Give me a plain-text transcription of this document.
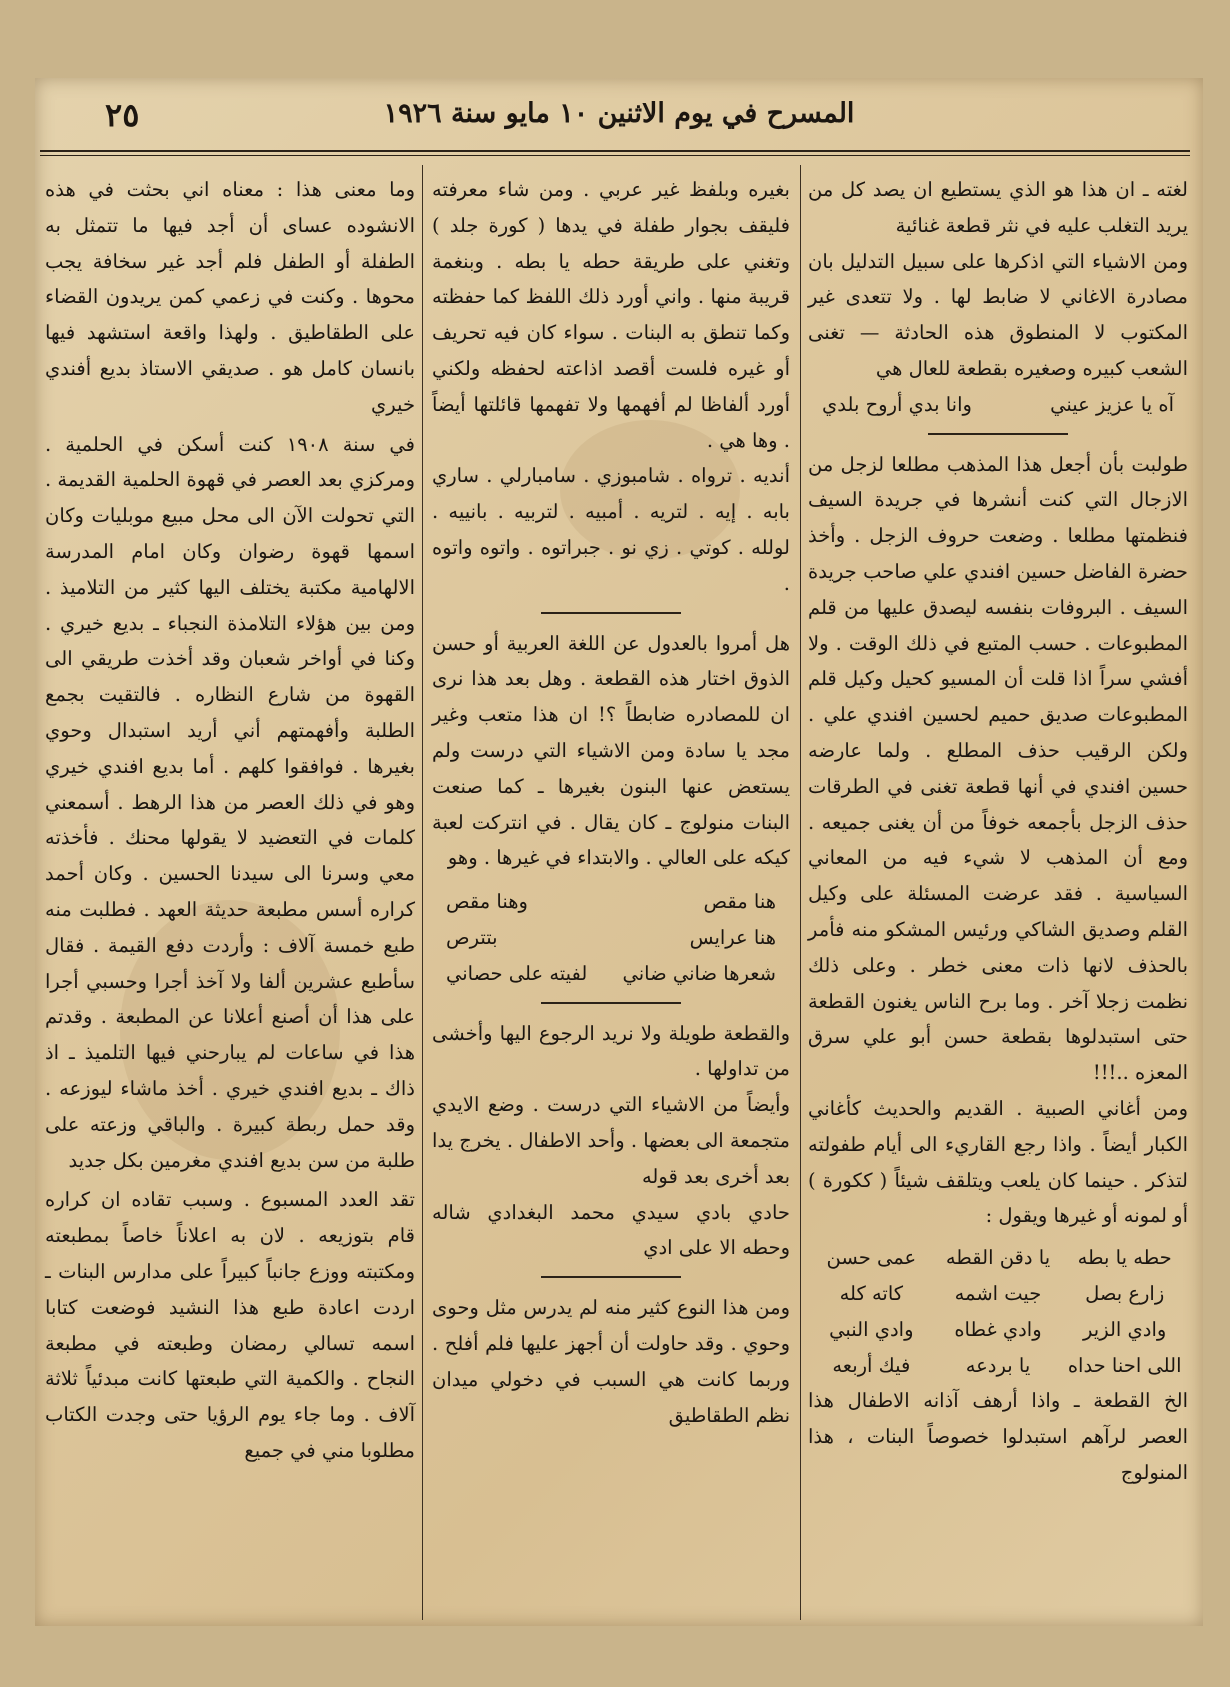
المسرح في يوم الاثنين ١٠ مايو سنة ١٩٢٦
٢٥

لغته ـ ان هذا هو الذي يستطيع ان يصد كل من يريد التغلب عليه في نثر قطعة غنائية

ومن الاشياء التي اذكرها على سبيل التدليل بان مصادرة الاغاني لا ضابط لها . ولا تتعدى غير المكتوب لا المنطوق هذه الحادثة — تغنى الشعب كبيره وصغيره بقطعة للعال هي

آه يا عزيز عيني
وانا بدي أروح بلدي

طولبت بأن أجعل هذا المذهب مطلعا لزجل من الازجال التي كنت أنشرها في جريدة السيف فنظمتها مطلعا . وضعت حروف الزجل . وأخذ حضرة الفاضل حسين افندي علي صاحب جريدة السيف . البروفات بنفسه ليصدق عليها من قلم المطبوعات . حسب المتبع في ذلك الوقت . ولا أفشي سراً اذا قلت أن المسيو كحيل وكيل قلم المطبوعات صديق حميم لحسين افندي علي . ولكن الرقيب حذف المطلع . ولما عارضه حسين افندي في أنها قطعة تغنى في الطرقات حذف الزجل بأجمعه خوفاً من أن يغنى جميعه . ومع أن المذهب لا شيء فيه من المعاني السياسية . فقد عرضت المسئلة على وكيل القلم وصديق الشاكي ورئيس المشكو منه فأمر بالحذف لانها ذات معنى خطر . وعلى ذلك نظمت زجلا آخر . وما برح الناس يغنون القطعة حتى استبدلوها بقطعة حسن أبو علي سرق المعزه ..!!!

ومن أغاني الصبية . القديم والحديث كأغاني الكبار أيضاً . واذا رجع القاريء الى أيام طفولته لتذكر . حينما كان يلعب ويتلقف شيئاً ( ككورة ) أو لمونه أو غيرها ويقول :

حطه يا بطه
يا دقن القطه
عمى حسن
زارع بصل
جيت اشمه
كاته كله
وادي الزير
وادي غطاه
وادي النبي
اللى احنا حداه
يا بردعه
فيك أربعه

الخ القطعة ـ واذا أرهف آذانه الاطفال هذا العصر لرآهم استبدلوا خصوصاً البنات ، هذا المنولوج

بغيره وبلفظ غير عربي . ومن شاء معرفته فليقف بجوار طفلة في يدها ( كورة جلد ) وتغني على طريقة حطه يا بطه . وبنغمة قريبة منها . واني أورد ذلك اللفظ كما حفظته وكما تنطق به البنات . سواء كان فيه تحريف أو غيره فلست أقصد اذاعته لحفظه ولكني أورد ألفاظا لم أفهمها ولا تفهمها قائلتها أيضاً . وها هي .

أنديه . ترواه . شامبوزي . سامبارلي . ساري بابه . إيه . لتريه . أمبيه . لتربيه . بانييه . لولله . كوتي . زي نو . جبراتوه . واتوه واتوه .

هل أمروا بالعدول عن اللغة العربية أو حسن الذوق اختار هذه القطعة . وهل بعد هذا نرى ان للمصادره ضابطاً ؟! ان هذا متعب وغير مجد يا سادة ومن الاشياء التي درست ولم يستعض عنها البنون بغيرها ـ كما صنعت البنات منولوج ـ كان يقال . في انتركت لعبة كيكه على العالي . والابتداء في غيرها . وهو

هنا مقص
وهنا مقص
هنا عرايس
بتترص
شعرها ضاني ضاني
لفيته على حصاني

والقطعة طويلة ولا نريد الرجوع اليها وأخشى من تداولها .

وأيضاً من الاشياء التي درست . وضع الايدي متجمعة الى بعضها . وأحد الاطفال . يخرج يدا بعد أخرى بعد قوله

حادي بادي سيدي محمد البغدادي شاله وحطه الا على ادي

ومن هذا النوع كثير منه لم يدرس مثل وحوى وحوي . وقد حاولت أن أجهز عليها فلم أفلح . وربما كانت هي السبب في دخولي ميدان نظم الطقاطيق

وما معنى هذا : معناه اني بحثت في هذه الانشوده عساى أن أجد فيها ما تتمثل به الطفلة أو الطفل فلم أجد غير سخافة يجب محوها . وكنت في زعمي كمن يريدون القضاء على الطقاطيق . ولهذا واقعة استشهد فيها بانسان كامل هو . صديقي الاستاذ بديع أفندي خيري

في سنة ١٩٠٨ كنت أسكن في الحلمية . ومركزي بعد العصر في قهوة الحلمية القديمة . التي تحولت الآن الى محل مبيع موبليات وكان اسمها قهوة رضوان وكان امام المدرسة الالهامية مكتبة يختلف اليها كثير من التلاميذ . ومن بين هؤلاء التلامذة النجباء ـ بديع خيري . وكنا في أواخر شعبان وقد أخذت طريقي الى القهوة من شارع النظاره . فالتقيت بجمع الطلبة وأفهمتهم أني أريد استبدال وحوي بغيرها . فوافقوا كلهم . أما بديع افندي خيري وهو في ذلك العصر من هذا الرهط . أسمعني كلمات في التعضيد لا يقولها محنك . فأخذته معي وسرنا الى سيدنا الحسين . وكان أحمد كراره أسس مطبعة حديثة العهد . فطلبت منه طبع خمسة آلاف : وأردت دفع القيمة . فقال سأطبع عشرين ألفا ولا آخذ أجرا وحسبي أجرا على هذا أن أصنع أعلانا عن المطبعة . وقدتم هذا في ساعات لم يبارحني فيها التلميذ ـ اذ ذاك ـ بديع افندي خيري . أخذ ماشاء ليوزعه . وقد حمل ربطة كبيرة . والباقي وزعته على طلبة من سن بديع افندي مغرمين بكل جديد

تقد العدد المسبوع . وسبب تقاده ان كراره قام بتوزيعه . لان به اعلاناً خاصاً بمطبعته ومكتبته ووزع جانباً كبيراً على مدارس البنات ـ اردت اعادة طبع هذا النشيد فوضعت كتابا اسمه تسالي رمضان وطبعته في مطبعة النجاح . والكمية التي طبعتها كانت مبدئياً ثلاثة آلاف . وما جاء يوم الرؤيا حتى وجدت الكتاب مطلوبا مني في جميع
